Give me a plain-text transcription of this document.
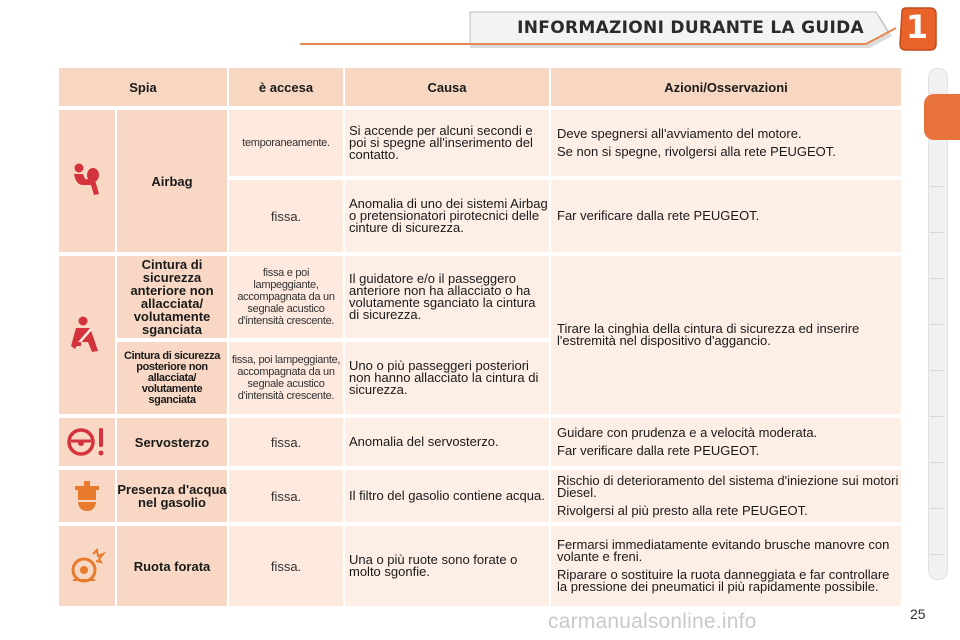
INFORMAZIONI DURANTE LA GUIDA	1
Spia		è accesa	Causa	Azioni/Osservazioni

	Airbag	temporaneamente.	Si accende per alcuni secondi e poi si spegne all'inserimento del contatto.	Deve spegnersi all'avviamento del motore.

Se non si spegne, rivolgersi alla rete PEUGEOT.

		fissa.	Anomalia di uno dei sistemi Airbag o pretensionatori pirotecnici delle cinture di sicurezza.	Far verificare dalla rete PEUGEOT.

	Cintura di sicurezza anteriore non allacciata/ volutamente sganciata	fissa e poi lampeggiante, accompagnata da un segnale acustico d'intensità crescente.	Il guidatore e/o il passeggero anteriore non ha allacciato o ha volutamente sganciato la cintura di sicurezza.	Tirare la cinghia della cintura di sicurezza ed inserire l'estremità nel dispositivo d'aggancio.
	Cintura di sicurezza posteriore non allacciata/ volutamente sganciata	fissa, poi lampeggiante, accompagnata da un segnale acustico d'intensità crescente.	Uno o più passeggeri posteriori non hanno allacciato la cintura di sicurezza.	

	Servosterzo	fissa.	Anomalia del servosterzo.	Guidare con prudenza e a velocità moderata.

Far verificare dalla rete PEUGEOT.

	Presenza d'acqua nel gasolio	fissa.	Il filtro del gasolio contiene acqua.	Rischio di deterioramento del sistema d'iniezione sui motori Diesel.

Rivolgersi al più presto alla rete PEUGEOT.

	Ruota forata	fissa.	Una o più ruote sono forate o molto sgonfie.	Fermarsi immediatamente evitando brusche manovre con volante e freni.

Riparare o sostituire la ruota danneggiata e far controllare la pressione dei pneumatici il più rapidamente possibile.

carmanualsonline.info	25
